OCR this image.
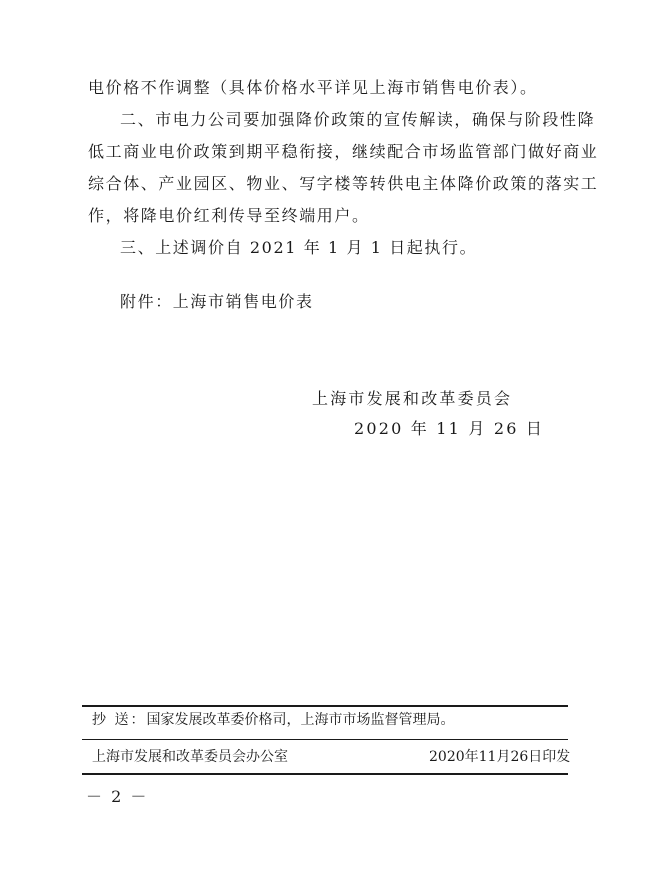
电价格不作调整（具体价格水平详见上海市销售电价表）。
二、市电力公司要加强降价政策的宣传解读，确保与阶段性降
低工商业电价政策到期平稳衔接，继续配合市场监管部门做好商业
综合体、产业园区、物业、写字楼等转供电主体降价政策的落实工
作，将降电价红利传导至终端用户。
三、上述调价自 2021 年 1 月 1 日起执行。
附件：上海市销售电价表
上海市发展和改革委员会
2020 年 11 月 26 日
抄 送：国家发展改革委价格司，上海市市场监督管理局。
上海市发展和改革委员会办公室	2020年11月26日印发
－ 2 －
